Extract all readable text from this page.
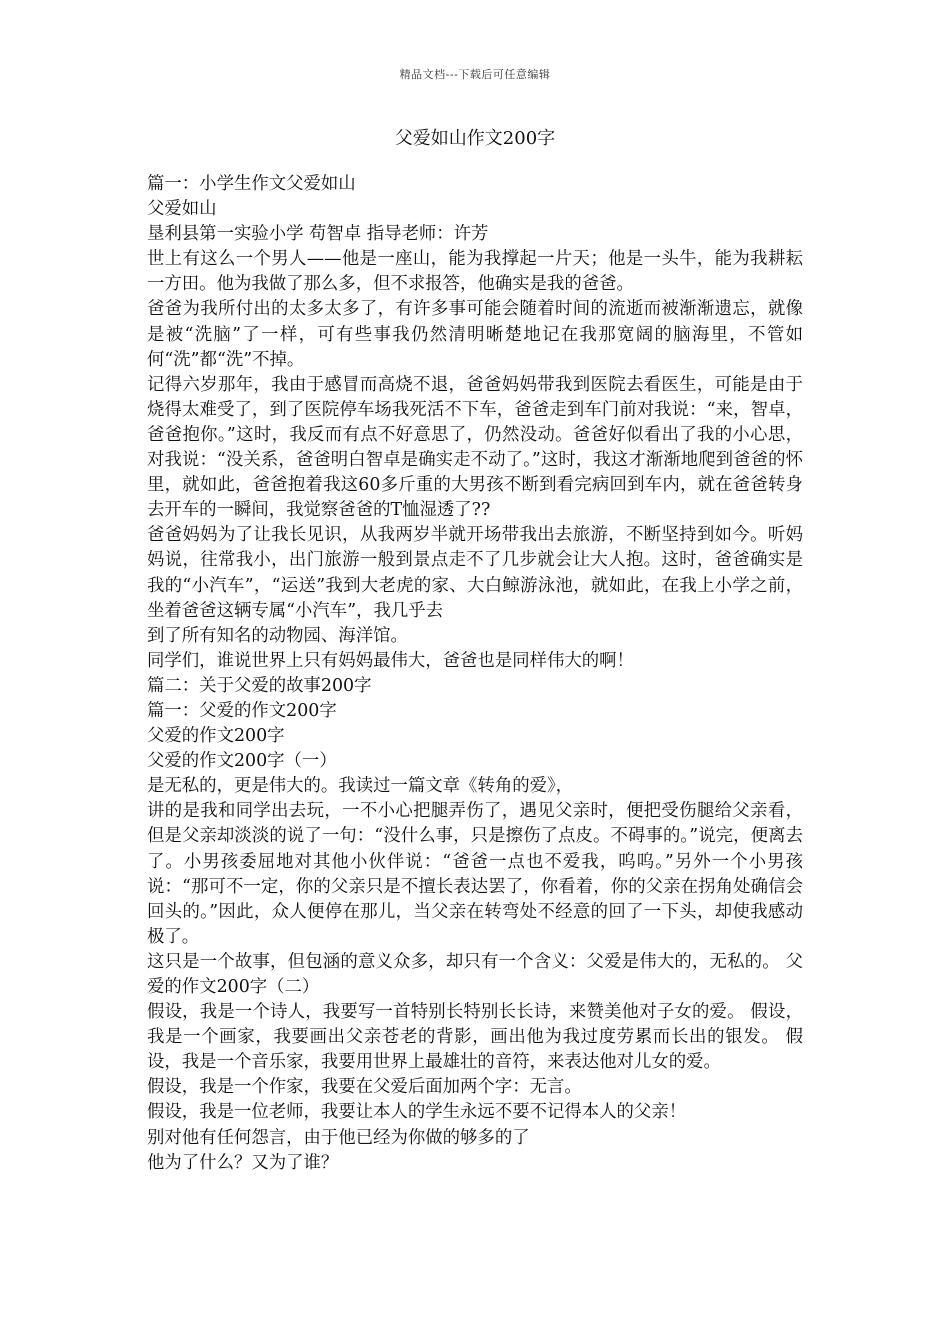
精品文档---下载后可任意编辑
父爱如山作文200字

篇一：小学生作文父爱如山

父爱如山

垦利县第一实验小学 苟智卓 指导老师：许芳

世上有这么一个男人——他是一座山，能为我撑起一片天；他是一头牛，能为我耕耘一方田。他为我做了那么多，但不求报答，他确实是我的爸爸。

爸爸为我所付出的太多太多了，有许多事可能会随着时间的流逝而被渐渐遗忘，就像是被“洗脑”了一样，可有些事我仍然清明晰楚地记在我那宽阔的脑海里，不管如何“洗”都“洗”不掉。

记得六岁那年，我由于感冒而高烧不退，爸爸妈妈带我到医院去看医生，可能是由于烧得太难受了，到了医院停车场我死活不下车，爸爸走到车门前对我说：“来，智卓，爸爸抱你。”这时，我反而有点不好意思了，仍然没动。爸爸好似看出了我的小心思，对我说：“没关系，爸爸明白智卓是确实走不动了。”这时，我这才渐渐地爬到爸爸的怀里，就如此，爸爸抱着我这60多斤重的大男孩不断到看完病回到车内，就在爸爸转身去开车的一瞬间，我觉察爸爸的T恤湿透了??

爸爸妈妈为了让我长见识，从我两岁半就开场带我出去旅游，不断坚持到如今。听妈妈说，往常我小，出门旅游一般到景点走不了几步就会让大人抱。这时，爸爸确实是我的“小汽车”，“运送”我到大老虎的家、大白鲸游泳池，就如此，在我上小学之前，坐着爸爸这辆专属“小汽车”，我几乎去

到了所有知名的动物园、海洋馆。

同学们，谁说世界上只有妈妈最伟大，爸爸也是同样伟大的啊！

篇二：关于父爱的故事200字

篇一：父爱的作文200字

父爱的作文200字

父爱的作文200字（一）

是无私的，更是伟大的。我读过一篇文章《转角的爱》，

讲的是我和同学出去玩，一不小心把腿弄伤了，遇见父亲时，便把受伤腿给父亲看，但是父亲却淡淡的说了一句：“没什么事，只是擦伤了点皮。不碍事的。”说完，便离去了。小男孩委屈地对其他小伙伴说：“爸爸一点也不爱我，呜呜。”另外一个小男孩说：“那可不一定，你的父亲只是不擅长表达罢了，你看着，你的父亲在拐角处确信会回头的。”因此，众人便停在那儿，当父亲在转弯处不经意的回了一下头，却使我感动极了。

这只是一个故事，但包涵的意义众多，却只有一个含义：父爱是伟大的，无私的。 父爱的作文200字（二）

假设，我是一个诗人，我要写一首特别长特别长长诗，来赞美他对子女的爱。 假设，我是一个画家，我要画出父亲苍老的背影，画出他为我过度劳累而长出的银发。 假设，我是一个音乐家，我要用世界上最雄壮的音符，来表达他对儿女的爱。

假设，我是一个作家，我要在父爱后面加两个字：无言。

假设，我是一位老师，我要让本人的学生永远不要不记得本人的父亲！

别对他有任何怨言，由于他已经为你做的够多的了

他为了什么？又为了谁？
